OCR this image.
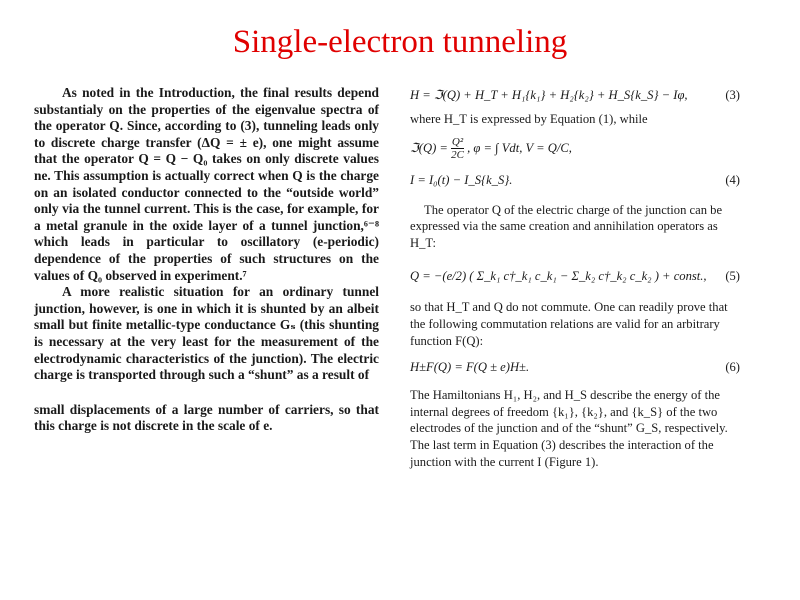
Single-electron tunneling

As noted in the Introduction, the final results depend substantialy on the properties of the eigenvalue spectra of the operator Q. Since, according to (3), tunneling leads only to discrete charge transfer (ΔQ = ± e), one might assume that the operator Q = Q − Q₀ takes on only discrete values ne. This assumption is actually correct when Q is the charge on an isolated conductor connected to the “outside world” only via the tunnel current. This is the case, for example, for a metal granule in the oxide layer of a tunnel junction,⁶⁻⁸ which leads in particular to oscillatory (e-periodic) dependence of the properties of such structures on the values of Q₀ observed in experiment.⁷

A more realistic situation for an ordinary tunnel junction, however, is one in which it is shunted by an albeit small but finite metallic-type conductance Gₛ (this shunting is necessary at the very least for the measurement of the electrodynamic characteristics of the junction). The electric charge is transported through such a “shunt” as a result of

small displacements of a large number of carriers, so that this charge is not discrete in the scale of e.

H = ℑ(Q) + H_T + H₁{k₁} + H₂{k₂} + H_S{k_S} − Iφ,	(3)

where H_T is expressed by Equation (1), while

ℑ(Q) = $\frac{\text{Q²}}{2C}$ , φ = ∫ Vdt, V = Q/C,
I = I₀(t) − I_S{k_S}.	(4)

The operator Q of the electric charge of the junction can be expressed via the same creation and annihilation operators as H_T:

Q = −(e/2) ( Σ_k₁ c†_k₁ c_k₁ − Σ_k₂ c†_k₂ c_k₂ ) + const., (5)

so that H_T and Q do not commute. One can readily prove that the following commutation relations are valid for an arbitrary function F(Q):

H±F(Q) = F(Q ± e)H±.	(6)

The Hamiltonians H₁, H₂, and H_S describe the energy of the internal degrees of freedom {k₁}, {k₂}, and {k_S} of the two electrodes of the junction and of the “shunt” G_S, respectively. The last term in Equation (3) describes the interaction of the junction with the current I (Figure 1).
